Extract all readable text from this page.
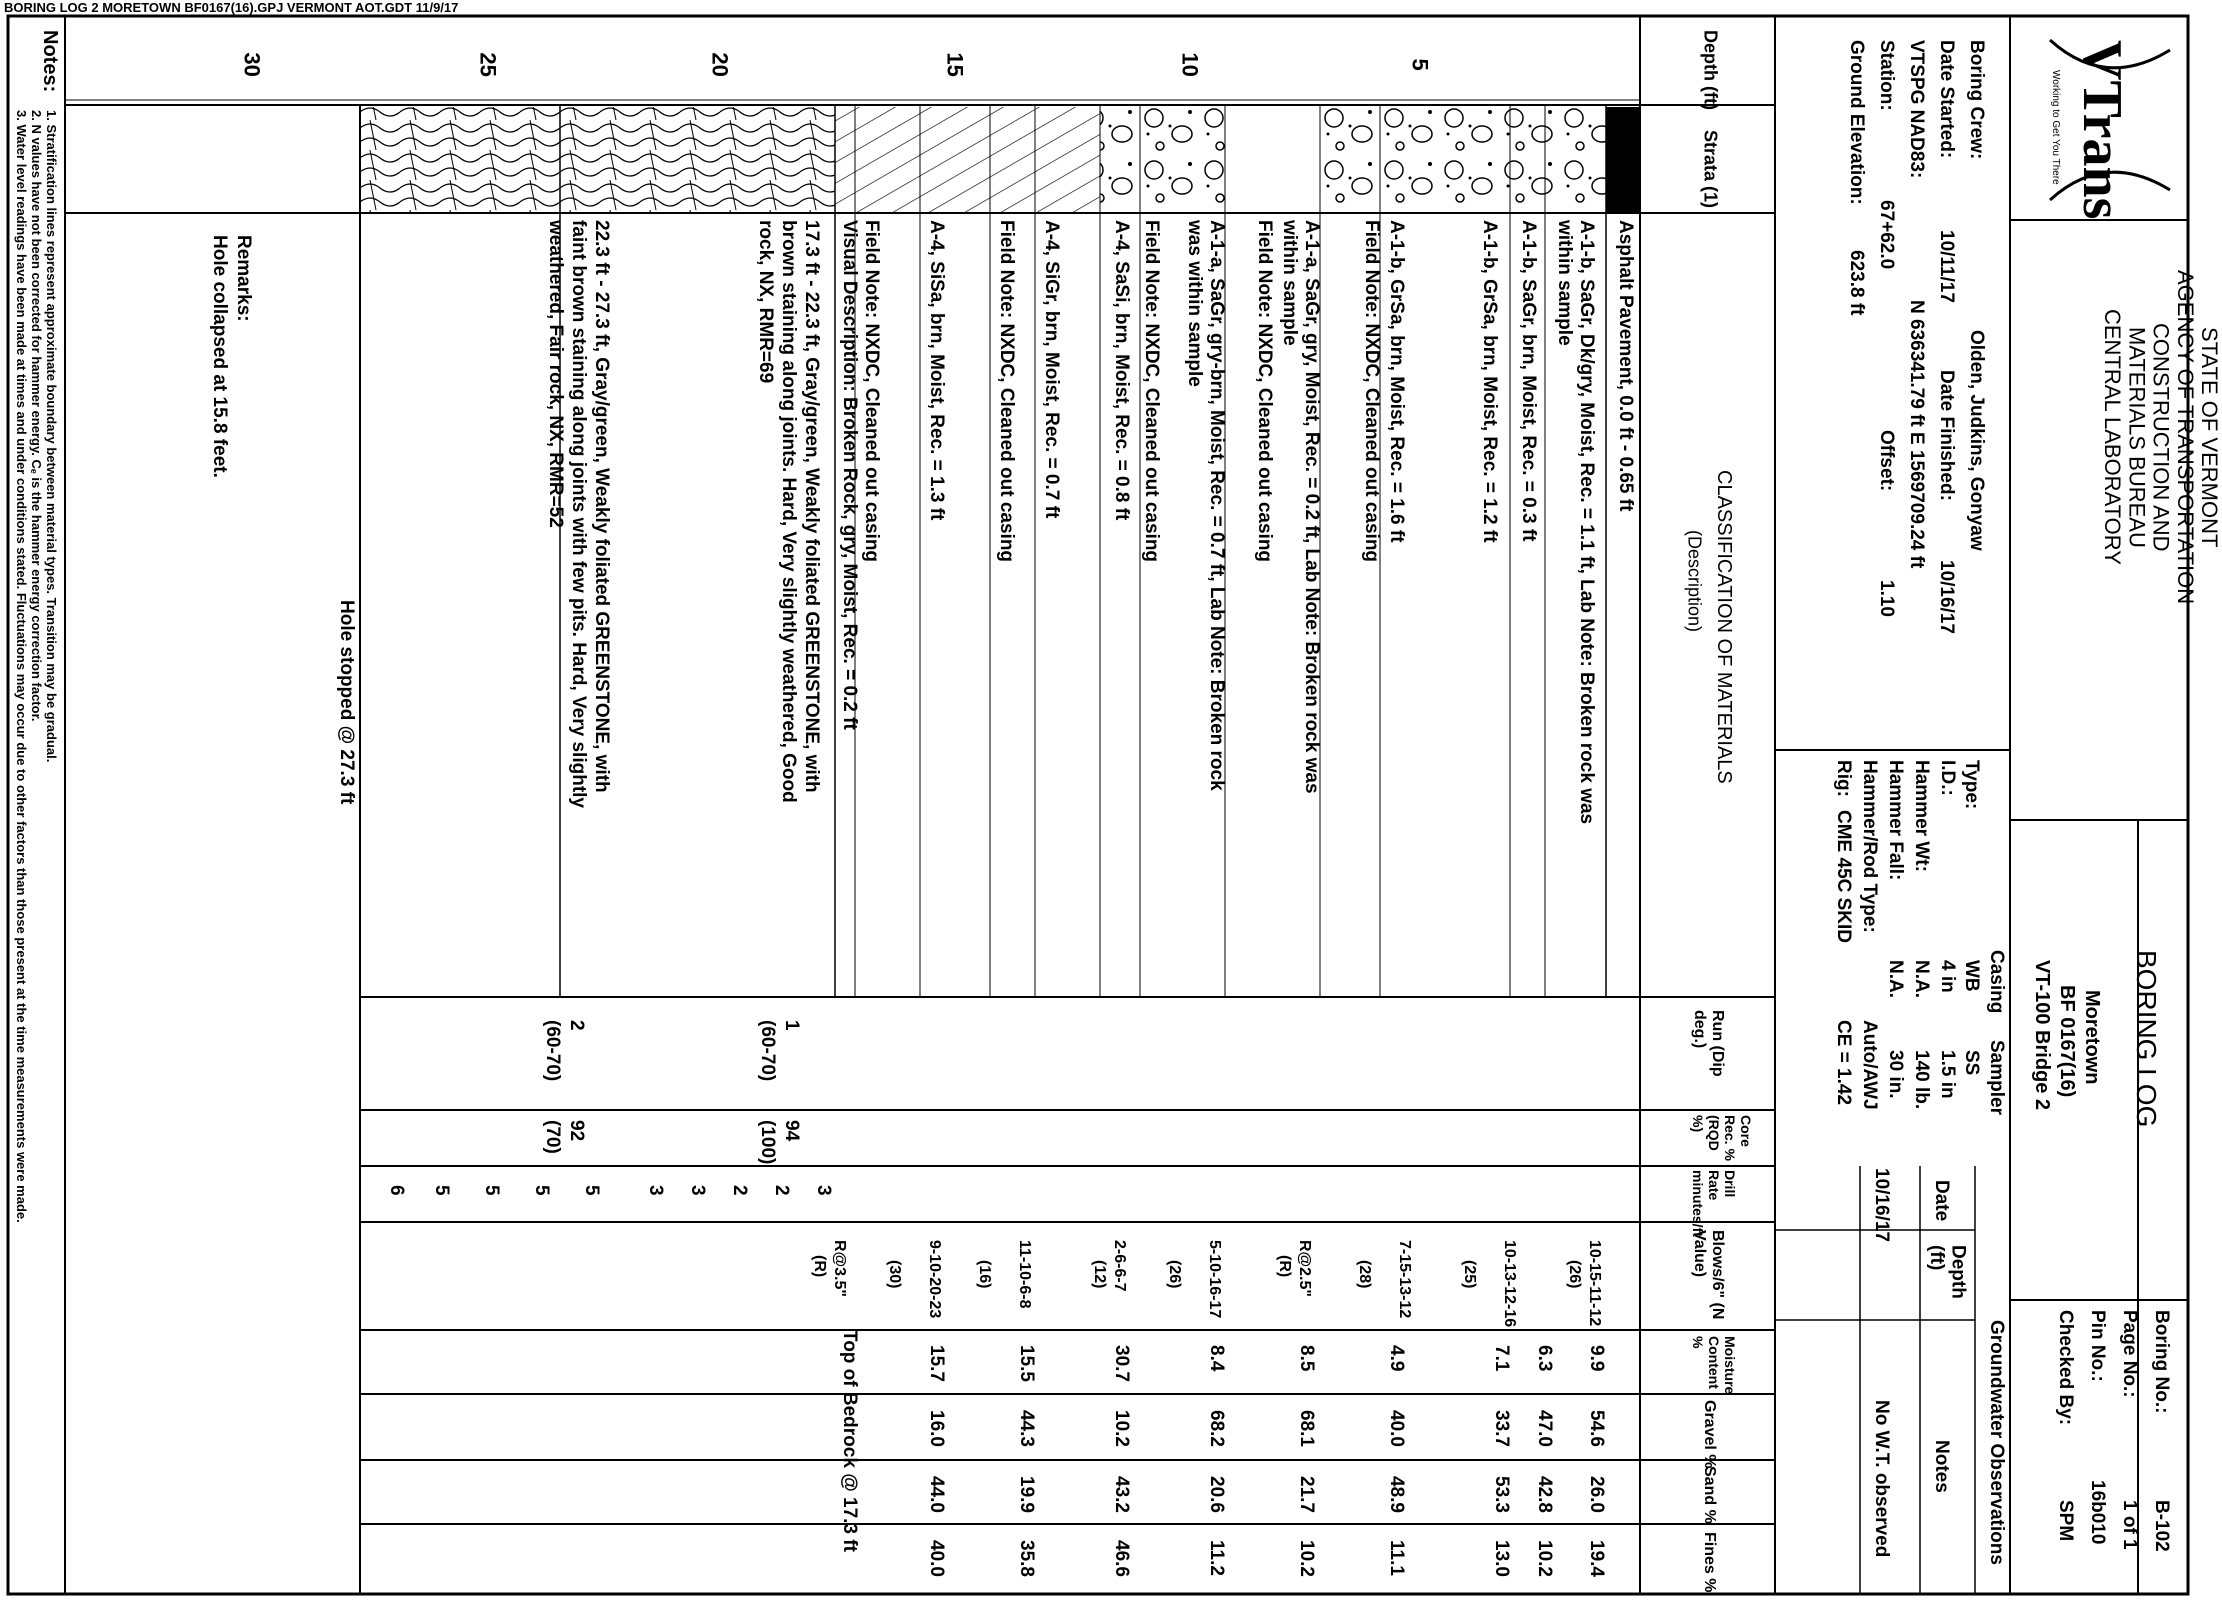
BORING LOG 2 MORETOWN BF0167(16).GPJ VERMONT AOT.GDT 11/9/17
5
10
15
20
25
30	Depth (ft)
Strata (1)
CLASSIFICATION OF MATERIALS
(Description)
Run (Dip deg.)
Core Rec. % (RQD %)
Drill Rate minutes/ft
Blows/6" (N Value)
Moisture Content %
Gravel %
Sand %
Fines %
VTrans
Working to Get You There
STATE OF VERMONT
AGENCY OF TRANSPORTATION
CONSTRUCTION AND
MATERIALS BUREAU
CENTRAL LABORATORY
BORING LOG
Moretown
BF 0167(16)
VT-100 Bridge 2
Boring No.:
B-102
Page No.:
1 of 1
Pin No.:
16b010
Checked By:
SPM
Boring Crew:
Olden, Judkins, Gonyaw
Date Started:
10/11/17
Date Finished:
10/16/17
VTSPG NAD83:
N 636341.79 ft E 1569709.24 ft
Station:
67+62.0
Offset:
1.10
Ground Elevation:
623.8 ft
Casing
Sampler
Type:
WB
SS
I.D.:
4 in
1.5 in
Hammer Wt:
N.A.
140 lb.
Hammer Fall:
N.A.
30 in.
Hammer/Rod Type:
Auto/AWJ
Rig:
CME 45C SKID
CE = 1.42
Groundwater Observations
Date
Depth (ft)
Notes
10/16/17
No W.T. observed
Asphalt Pavement, 0.0 ft - 0.65 ft
A-1-b, SaGr, Dk/gry, Moist, Rec. = 1.1 ft, Lab Note: Broken rock was
within sample
A-1-b, SaGr, brn, Moist, Rec. = 0.3 ft
A-1-b, GrSa, brn, Moist, Rec. = 1.2 ft
A-1-b, GrSa, brn, Moist, Rec. = 1.6 ft
Field Note: NXDC, Cleaned out casing
A-1-a, SaGr, gry, Moist, Rec. = 0.2 ft, Lab Note: Broken rock was
within sample
Field Note: NXDC, Cleaned out casing
A-1-a, SaGr, gry-brn, Moist, Rec. = 0.7 ft, Lab Note: Broken rock
was within sample
Field Note: NXDC, Cleaned out casing
A-4, SaSi, brn, Moist, Rec. = 0.8 ft
A-4, SiGr, brn, Moist, Rec. = 0.7 ft
Field Note: NXDC, Cleaned out casing
A-4, SiSa, brn, Moist, Rec. = 1.3 ft
Field Note: NXDC, Cleaned out casing
Visual Description: Broken Rock, gry, Moist, Rec. = 0.2 ft
17.3 ft - 22.3 ft, Gray/green, Weakly foliated GREENSTONE, with
brown staining along joints. Hard, Very slightly weathered, Good
rock, NX, RMR=69
22.3 ft - 27.3 ft, Gray/green, Weakly foliated GREENSTONE, with
faint brown staining along joints with few pits. Hard, Very slightly
weathered, Fair rock, NX, RMR=52
Hole stopped @ 27.3 ft
Remarks:
Hole collapsed at 15.8 feet.
1
(60-70)
94
(100)
2
(60-70)
92
(70)
3
2
2
3
3
5
5
5
5
6
10-15-11-12
(26)
9.9
54.6
26.0
19.4
6.3
47.0
42.8
10.2
10-13-12-16
(25)
7.1
33.7
53.3
13.0
7-15-13-12
(28)
4.9
40.0
48.9
11.1
R@2.5"
(R)
8.5
68.1
21.7
10.2
5-10-16-17
(26)
8.4
68.2
20.6
11.2
2-6-6-7
(12)
30.7
10.2
43.2
46.6
11-10-6-8
(16)
15.5
44.3
19.9
35.8
9-10-20-23
(30)
15.7
16.0
44.0
40.0
R@3.5"
(R)
Top of Bedrock @ 17.3 ft
Notes:
1. Stratification lines represent approximate boundary between material types. Transition may be gradual.
2. N values have not been corrected for hammer energy. Cₑ is the hammer energy correction factor.
3. Water level readings have been made at times and under conditions stated. Fluctuations may occur due to other factors than those present at the time measurements were made.
